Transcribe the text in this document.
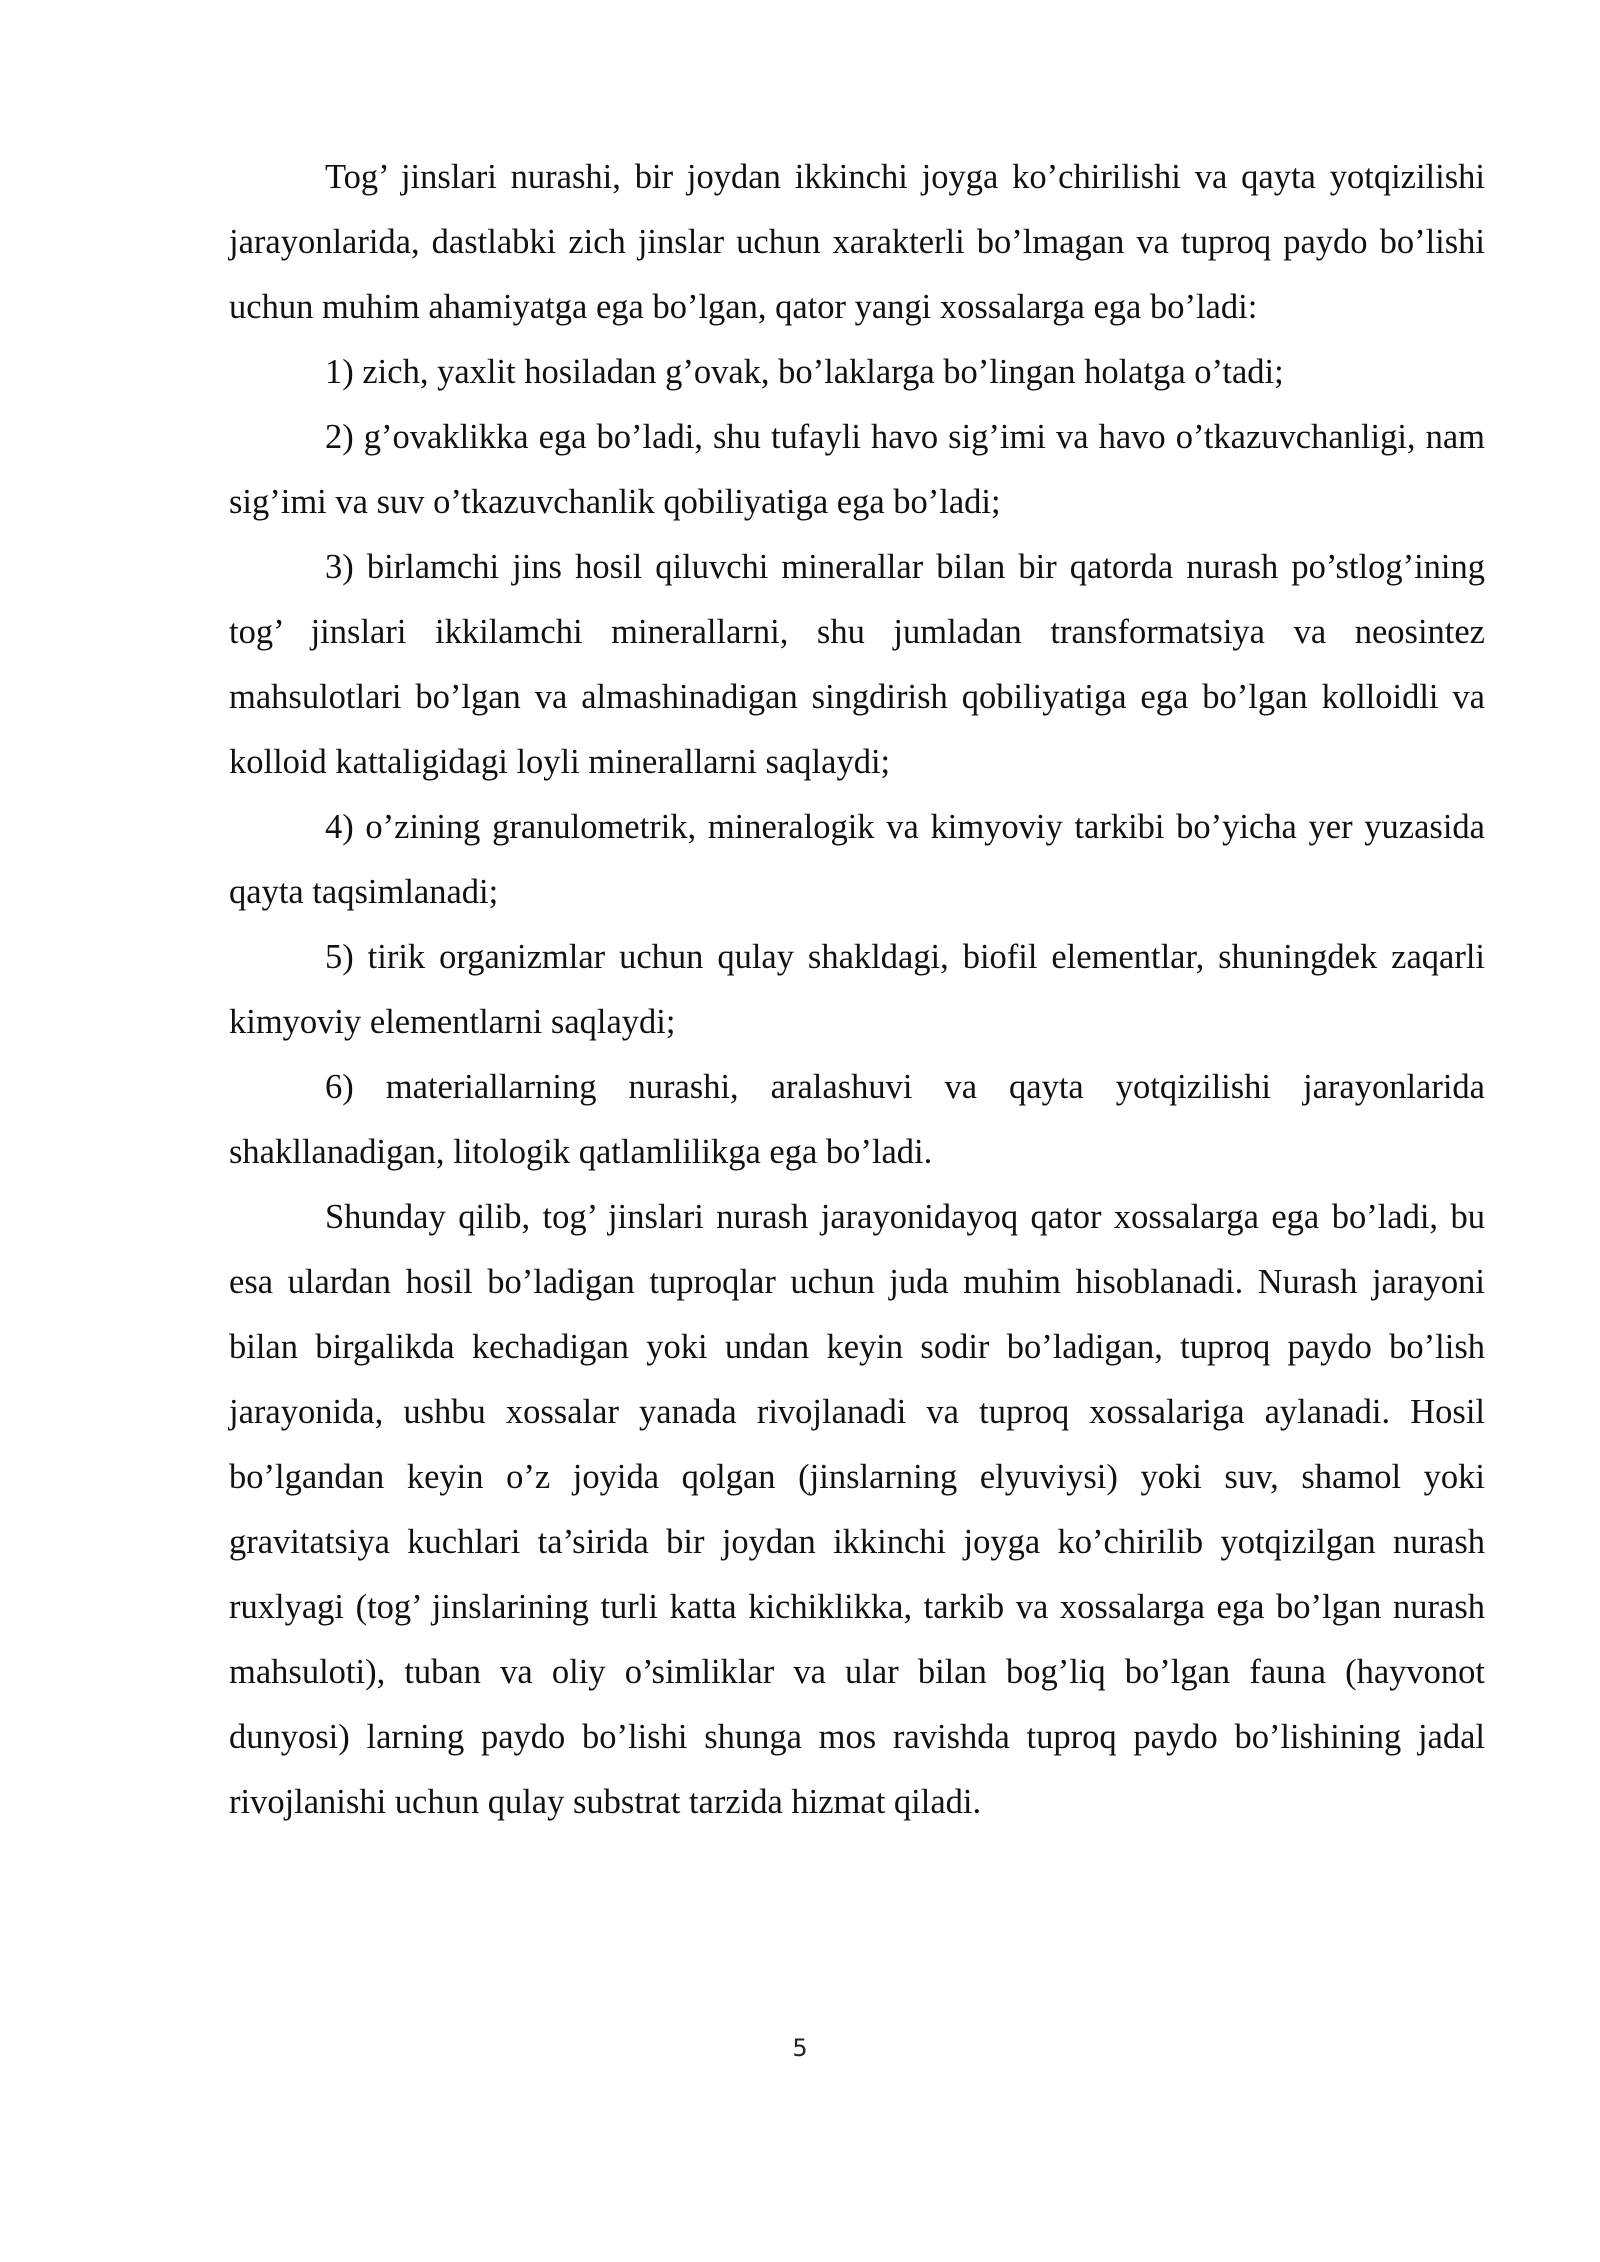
Tog’ jinslari nurashi, bir joydan ikkinchi joyga ko’chirilishi va qayta yotqizilishi jarayonlarida, dastlabki zich jinslar uchun xarakterli bo’lmagan va tuproq paydo bo’lishi uchun muhim ahamiyatga ega bo’lgan, qator yangi xossalarga ega bo’ladi:

1) zich, yaxlit hosiladan g’ovak, bo’laklarga bo’lingan holatga o’tadi;

2) g’ovaklikka ega bo’ladi, shu tufayli havo sig’imi va havo o’tkazuvchanligi, nam sig’imi va suv o’tkazuvchanlik qobiliyatiga ega bo’ladi;

3) birlamchi jins hosil qiluvchi minerallar bilan bir qatorda nurash po’stlog’ining tog’ jinslari ikkilamchi minerallarni, shu jumladan transformatsiya va neosintez mahsulotlari bo’lgan va almashinadigan singdirish qobiliyatiga ega bo’lgan kolloidli va kolloid kattaligidagi loyli minerallarni saqlaydi;

4) o’zining granulometrik, mineralogik va kimyoviy tarkibi bo’yicha yer yuzasida qayta taqsimlanadi;

5) tirik organizmlar uchun qulay shakldagi, biofil elementlar, shuningdek zaqarli kimyoviy elementlarni saqlaydi;

6) materiallarning nurashi, aralashuvi va qayta yotqizilishi jarayonlarida shakllanadigan, litologik qatlamlilikga ega bo’ladi.

Shunday qilib, tog’ jinslari nurash jarayonidayoq qator xossalarga ega bo’ladi, bu esa ulardan hosil bo’ladigan tuproqlar uchun juda muhim hisoblanadi. Nurash jarayoni bilan birgalikda kechadigan yoki undan keyin sodir bo’ladigan, tuproq paydo bo’lish jarayonida, ushbu xossalar yanada rivojlanadi va tuproq xossalariga aylanadi. Hosil bo’lgandan keyin o’z joyida qolgan (jinslarning elyuviysi) yoki suv, shamol yoki gravitatsiya kuchlari ta’sirida bir joydan ikkinchi joyga ko’chirilib yotqizilgan nurash ruxlyagi (tog’ jinslarining turli katta kichiklikka, tarkib va xossalarga ega bo’lgan nurash mahsuloti), tuban va oliy o’simliklar va ular bilan bog’liq bo’lgan fauna (hayvonot dunyosi) larning paydo bo’lishi shunga mos ravishda tuproq paydo bo’lishining jadal rivojlanishi uchun qulay substrat tarzida hizmat qiladi.

5
